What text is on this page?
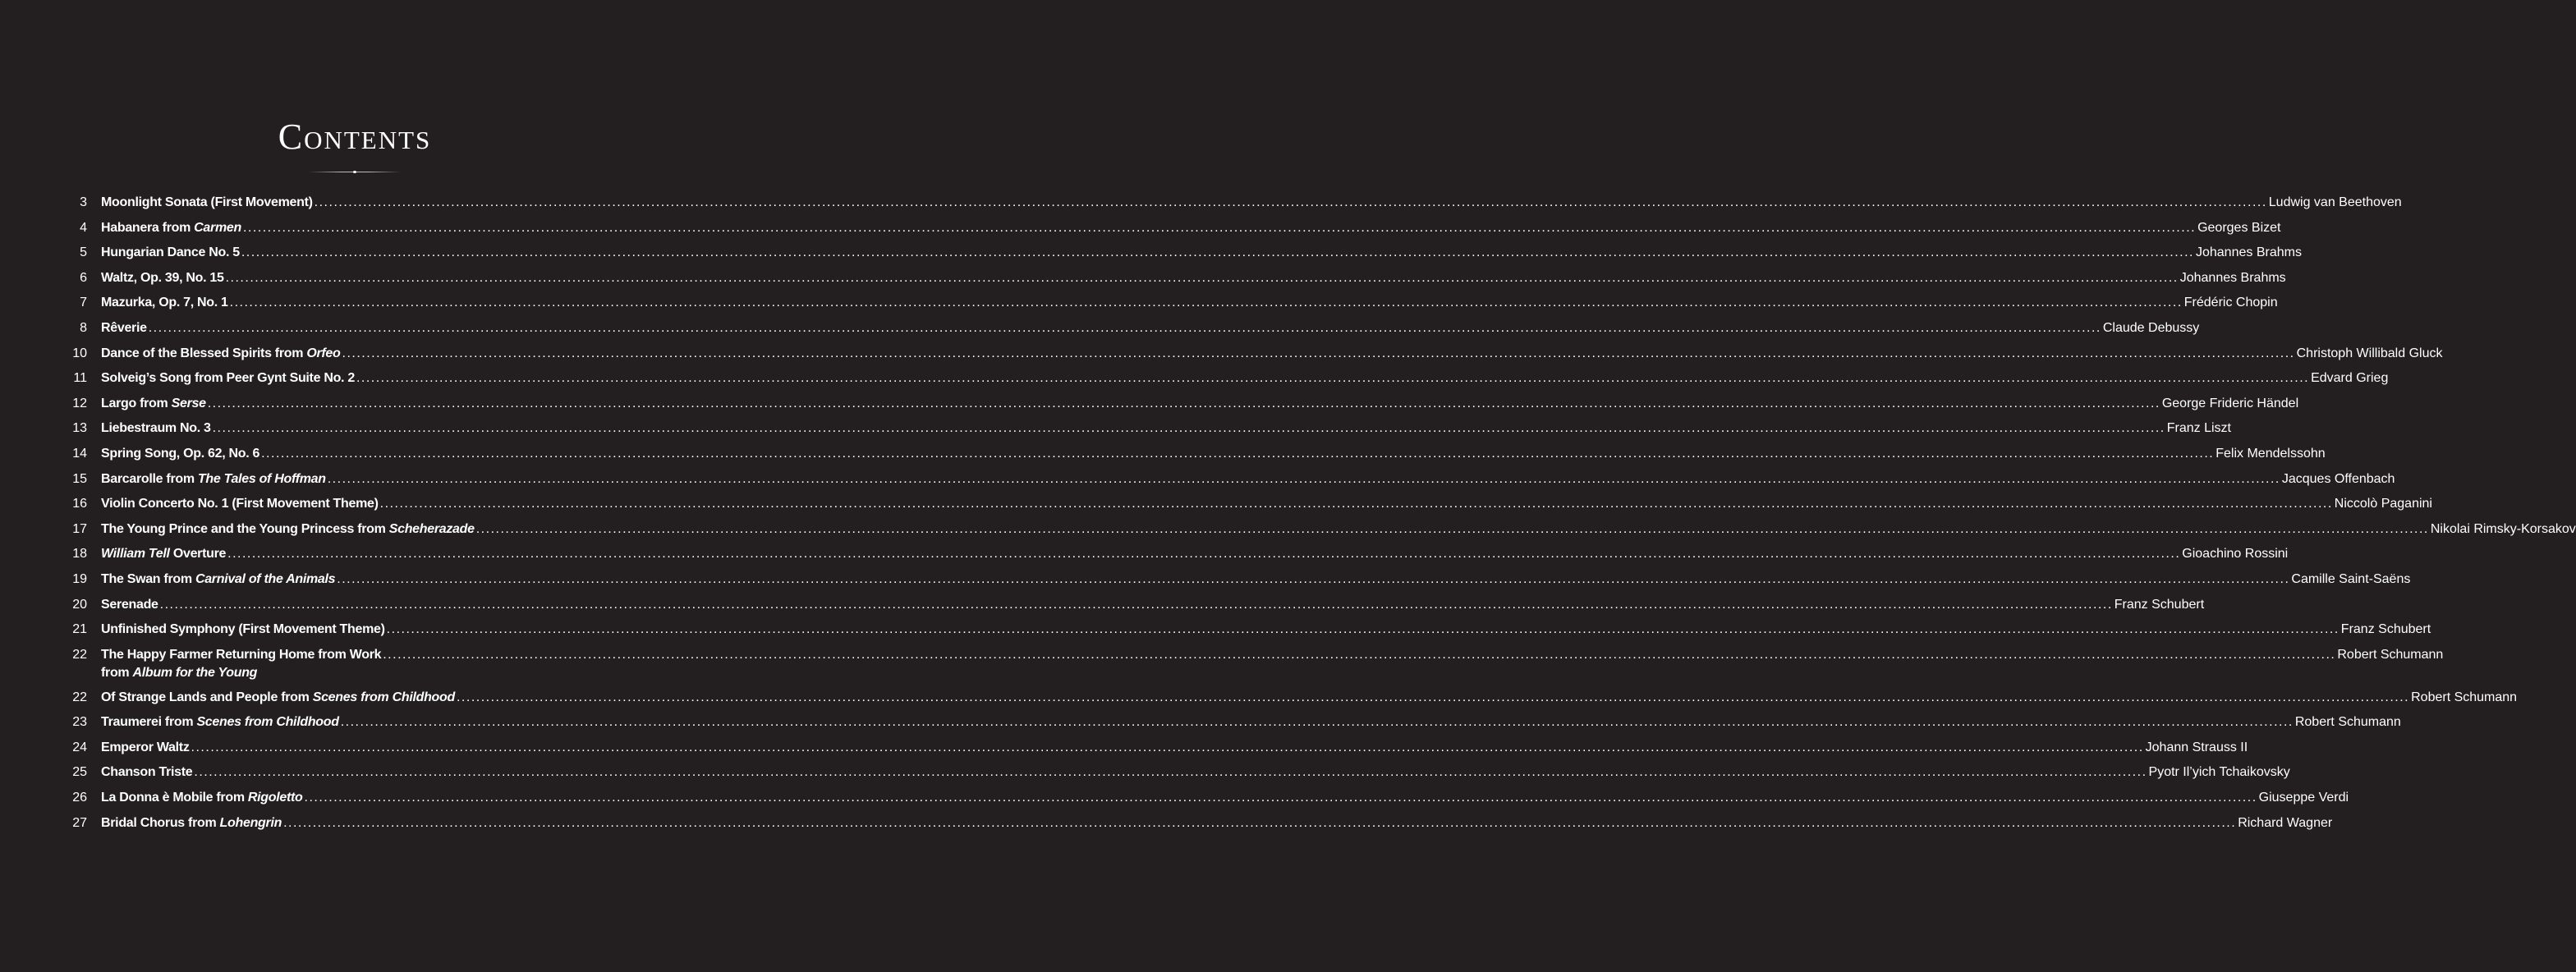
Contents
3 Moonlight Sonata (First Movement) ................................................................................................................................................................................................................................................................................................................................................................................................................ Ludwig van Beethoven
4 Habanera from Carmen ................................................................................................................................................................................................................................................................................................................................................................................................................ Georges Bizet
5 Hungarian Dance No. 5 ................................................................................................................................................................................................................................................................................................................................................................................................................ Johannes Brahms
6 Waltz, Op. 39, No. 15 ................................................................................................................................................................................................................................................................................................................................................................................................................ Johannes Brahms
7 Mazurka, Op. 7, No. 1 ................................................................................................................................................................................................................................................................................................................................................................................................................ Frédéric Chopin
8 Rêverie ................................................................................................................................................................................................................................................................................................................................................................................................................ Claude Debussy
10 Dance of the Blessed Spirits from Orfeo ................................................................................................................................................................................................................................................................................................................................................................................................................ Christoph Willibald Gluck
11 Solveig’s Song from Peer Gynt Suite No. 2 ................................................................................................................................................................................................................................................................................................................................................................................................................ Edvard Grieg
12 Largo from Serse ................................................................................................................................................................................................................................................................................................................................................................................................................ George Frideric Händel
13 Liebestraum No. 3 ................................................................................................................................................................................................................................................................................................................................................................................................................ Franz Liszt
14 Spring Song, Op. 62, No. 6 ................................................................................................................................................................................................................................................................................................................................................................................................................ Felix Mendelssohn
15 Barcarolle from The Tales of Hoffman ................................................................................................................................................................................................................................................................................................................................................................................................................ Jacques Offenbach
16 Violin Concerto No. 1 (First Movement Theme) ................................................................................................................................................................................................................................................................................................................................................................................................................ Niccolò Paganini
17 The Young Prince and the Young Princess from Scheherazade ................................................................................................................................................................................................................................................................................................................................................................................................................ Nikolai Rimsky-Korsakov
18 William Tell Overture ................................................................................................................................................................................................................................................................................................................................................................................................................ Gioachino Rossini
19 The Swan from Carnival of the Animals ................................................................................................................................................................................................................................................................................................................................................................................................................ Camille Saint-Saëns
20 Serenade ................................................................................................................................................................................................................................................................................................................................................................................................................ Franz Schubert
21 Unfinished Symphony (First Movement Theme) ................................................................................................................................................................................................................................................................................................................................................................................................................ Franz Schubert
22 The Happy Farmer Returning Home from Work ................................................................................................................................................................................................................................................................................................................................................................................................................ Robert Schumann
from Album for the Young
22 Of Strange Lands and People from Scenes from Childhood ................................................................................................................................................................................................................................................................................................................................................................................................................ Robert Schumann
23 Traumerei from Scenes from Childhood ................................................................................................................................................................................................................................................................................................................................................................................................................ Robert Schumann
24 Emperor Waltz ................................................................................................................................................................................................................................................................................................................................................................................................................ Johann Strauss II
25 Chanson Triste ................................................................................................................................................................................................................................................................................................................................................................................................................ Pyotr Il’yich Tchaikovsky
26 La Donna è Mobile from Rigoletto ................................................................................................................................................................................................................................................................................................................................................................................................................ Giuseppe Verdi
27 Bridal Chorus from Lohengrin ................................................................................................................................................................................................................................................................................................................................................................................................................ Richard Wagner
